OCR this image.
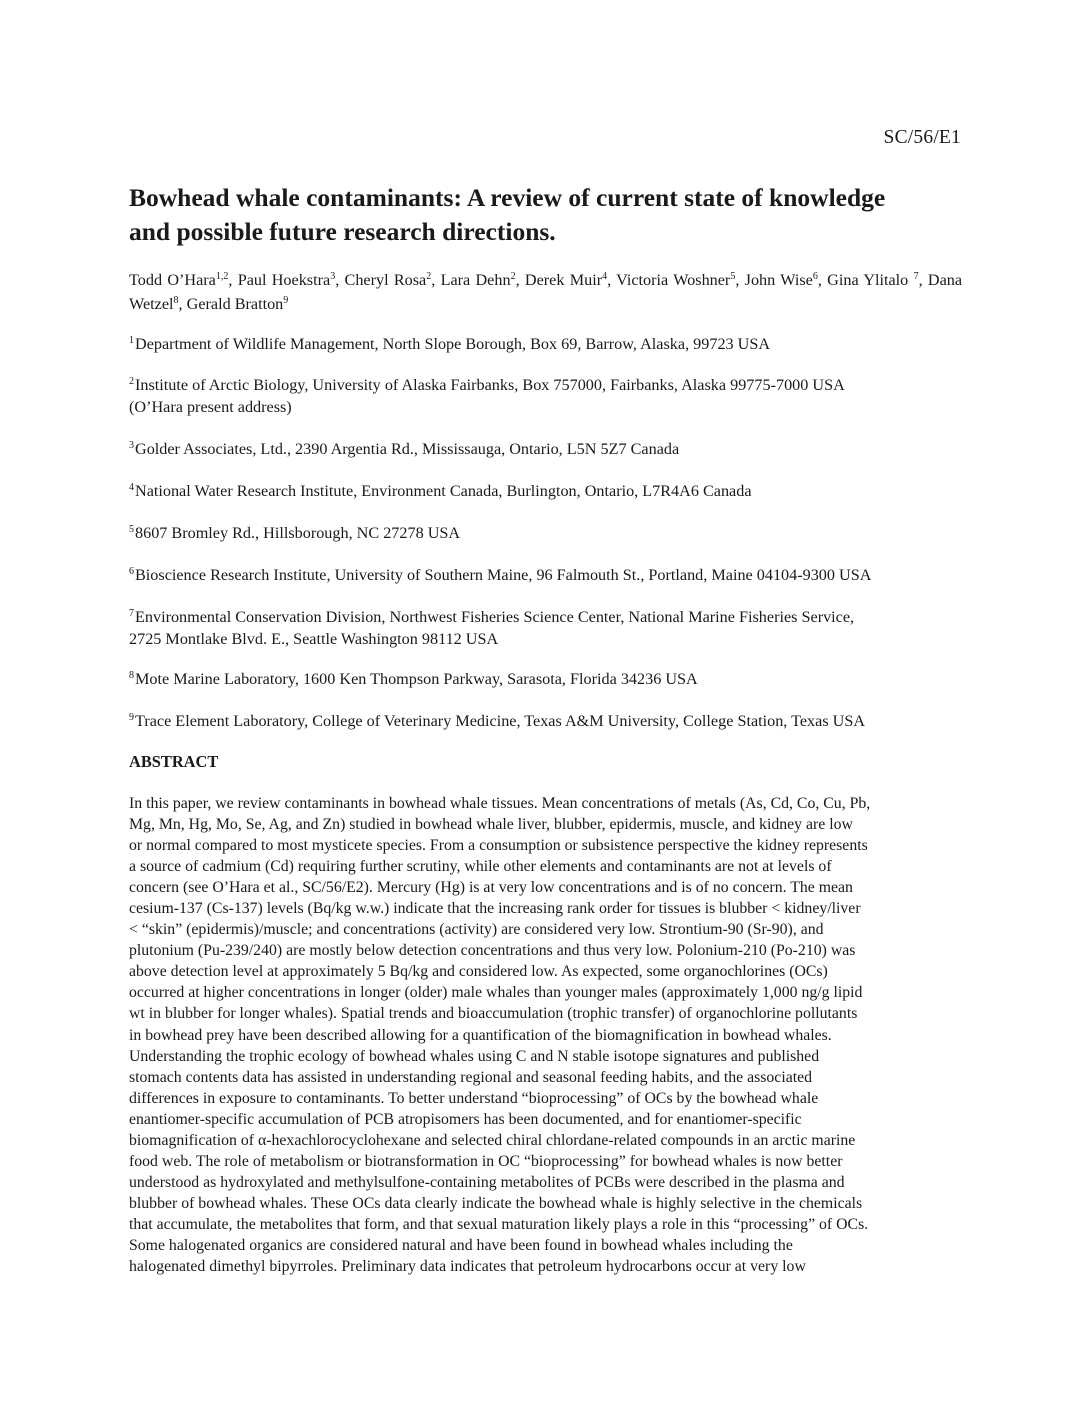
SC/56/E1
Bowhead whale contaminants: A review of current state of knowledge and possible future research directions.

Todd O’Hara$^{1,2}$, Paul Hoekstra$^3$, Cheryl Rosa$^2$, Lara Dehn$^2$, Derek Muir$^4$, Victoria Woshner$^5$, John Wise$^6$, Gina Ylitalo $^7$, Dana Wetzel$^8$, Gerald Bratton$^9$

$^1$Department of Wildlife Management, North Slope Borough, Box 69, Barrow, Alaska, 99723 USA

$^2$Institute of Arctic Biology, University of Alaska Fairbanks, Box 757000, Fairbanks, Alaska 99775-7000 USA
(O’Hara present address)

$^3$Golder Associates, Ltd., 2390 Argentia Rd., Mississauga, Ontario, L5N 5Z7 Canada

$^4$National Water Research Institute, Environment Canada, Burlington, Ontario, L7R4A6 Canada

$^5$8607 Bromley Rd., Hillsborough, NC 27278 USA

$^6$Bioscience Research Institute, University of Southern Maine, 96 Falmouth St., Portland, Maine 04104-9300 USA

$^7$Environmental Conservation Division, Northwest Fisheries Science Center, National Marine Fisheries Service,
2725 Montlake Blvd. E., Seattle Washington 98112 USA

$^8$Mote Marine Laboratory, 1600 Ken Thompson Parkway, Sarasota, Florida 34236 USA

$^9$Trace Element Laboratory, College of Veterinary Medicine, Texas A&M University, College Station, Texas USA

ABSTRACT
In this paper, we review contaminants in bowhead whale tissues. Mean concentrations of metals (As, Cd, Co, Cu, Pb,
Mg, Mn, Hg, Mo, Se, Ag, and Zn) studied in bowhead whale liver, blubber, epidermis, muscle, and kidney are low
or normal compared to most mysticete species. From a consumption or subsistence perspective the kidney represents
a source of cadmium (Cd) requiring further scrutiny, while other elements and contaminants are not at levels of
concern (see O’Hara et al., SC/56/E2). Mercury (Hg) is at very low concentrations and is of no concern. The mean
cesium-137 (Cs-137) levels (Bq/kg w.w.) indicate that the increasing rank order for tissues is blubber < kidney/liver
< “skin” (epidermis)/muscle; and concentrations (activity) are considered very low. Strontium-90 (Sr-90), and
plutonium (Pu-239/240) are mostly below detection concentrations and thus very low. Polonium-210 (Po-210) was
above detection level at approximately 5 Bq/kg and considered low. As expected, some organochlorines (OCs)
occurred at higher concentrations in longer (older) male whales than younger males (approximately 1,000 ng/g lipid
wt in blubber for longer whales). Spatial trends and bioaccumulation (trophic transfer) of organochlorine pollutants
in bowhead prey have been described allowing for a quantification of the biomagnification in bowhead whales.
Understanding the trophic ecology of bowhead whales using C and N stable isotope signatures and published
stomach contents data has assisted in understanding regional and seasonal feeding habits, and the associated
differences in exposure to contaminants. To better understand “bioprocessing” of OCs by the bowhead whale
enantiomer-specific accumulation of PCB atropisomers has been documented, and for enantiomer-specific
biomagnification of α-hexachlorocyclohexane and selected chiral chlordane-related compounds in an arctic marine
food web. The role of metabolism or biotransformation in OC “bioprocessing” for bowhead whales is now better
understood as hydroxylated and methylsulfone-containing metabolites of PCBs were described in the plasma and
blubber of bowhead whales. These OCs data clearly indicate the bowhead whale is highly selective in the chemicals
that accumulate, the metabolites that form, and that sexual maturation likely plays a role in this “processing” of OCs.
Some halogenated organics are considered natural and have been found in bowhead whales including the
halogenated dimethyl bipyrroles. Preliminary data indicates that petroleum hydrocarbons occur at very low
